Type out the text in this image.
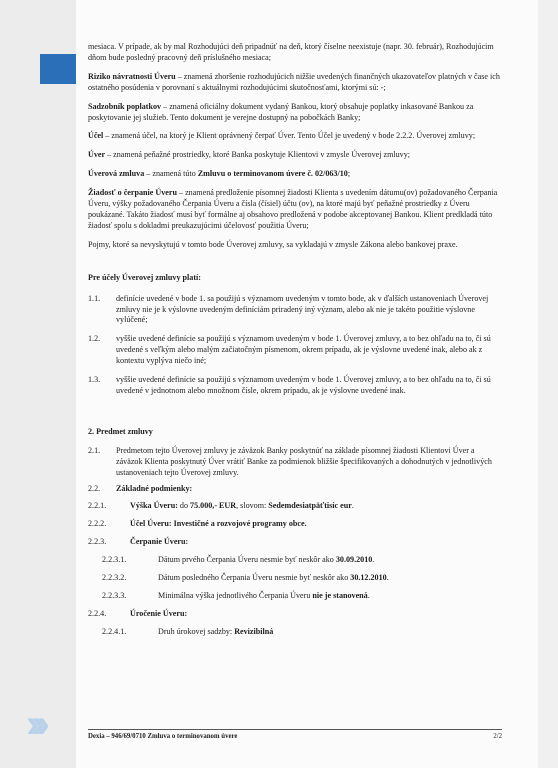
›››

mesiaca. V prípade, ak by mal Rozhodujúci deň pripadnúť na deň, ktorý číselne neexistuje (napr. 30. február), Rozhodujúcim dňom bude posledný pracovný deň príslušného mesiaca;

Riziko návratnosti Úveru – znamená zhoršenie rozhodujúcich nižšie uvedených finančných ukazovateľov platných v čase ich ostatného posúdenia v porovnaní s aktuálnymi rozhodujúcimi skutočnosťami, ktorými sú: -;

Sadzobník poplatkov – znamená oficiálny dokument vydaný Bankou, ktorý obsahuje poplatky inkasované Bankou za poskytovanie jej služieb. Tento dokument je verejne dostupný na pobočkách Banky;

Účel – znamená účel, na ktorý je Klient oprávnený čerpať Úver. Tento Účel je uvedený v bode 2.2.2. Úverovej zmluvy;

Úver – znamená peňažné prostriedky, ktoré Banka poskytuje Klientovi v zmysle Úverovej zmluvy;

Úverová zmluva – znamená túto Zmluvu o terminovanom úvere č. 02/063/10;

Žiadosť o čerpanie Úveru – znamená predloženie písomnej žiadosti Klienta s uvedením dátumu(ov) požadovaného Čerpania Úveru, výšky požadovaného Čerpania Úveru a čísla (čísiel) účtu (ov), na ktoré majú byť peňažné prostriedky z Úveru poukázané. Takáto žiadosť musí byť formálne aj obsahovo predložená v podobe akceptovanej Bankou. Klient predkladá túto žiadosť spolu s dokladmi preukazujúcimi účelovosť použitia Úveru;

Pojmy, ktoré sa nevyskytujú v tomto bode Úverovej zmluvy, sa vykladajú v zmysle Zákona alebo bankovej praxe.

Pre účely Úverovej zmluvy platí:

1.1. definície uvedené v bode 1. sa použijú s významom uvedeným v tomto bode, ak v ďalších ustanoveniach Úverovej zmluvy nie je k výslovne uvedeným definíciám priradený iný význam, alebo ak nie je takéto použitie výslovne vylúčené;
1.2. vyššie uvedené definície sa použijú s významom uvedeným v bode 1. Úverovej zmluvy, a to bez ohľadu na to, či sú uvedené s veľkým alebo malým začiatočným písmenom, okrem prípadu, ak je výslovne uvedené inak, alebo ak z kontextu vyplýva niečo iné;
1.3. vyššie uvedené definície sa použijú s významom uvedeným v bode 1. Úverovej zmluvy, a to bez ohľadu na to, či sú uvedené v jednotnom alebo množnom čísle, okrem prípadu, ak je výslovne uvedené inak.

2. Predmet zmluvy

2.1. Predmetom tejto Úverovej zmluvy je záväzok Banky poskytnúť na základe písomnej žiadosti Klientovi Úver a záväzok Klienta poskytnutý Úver vrátiť Banke za podmienok bližšie špecifikovaných a dohodnutých v jednotlivých ustanoveniach tejto Úverovej zmluvy.
2.2. Základné podmienky:
2.2.1.	Výška Úveru: do 75.000,- EUR, slovom: Sedemdesiatpäťtisíc eur.
2.2.2.	Účel Úveru: Investičné a rozvojové programy obce.
2.2.3.	Čerpanie Úveru:
2.2.3.1.	Dátum prvého Čerpania Úveru nesmie byť neskôr ako 30.09.2010.
2.2.3.2.	Dátum posledného Čerpania Úveru nesmie byť neskôr ako 30.12.2010.
2.2.3.3.	Minimálna výška jednotlivého Čerpania Úveru nie je stanovená.
2.2.4.	Úročenie Úveru:
2.2.4.1.	Druh úrokovej sadzby: Revizibilná
Dexia – 946/69/0710 Zmluva o terminovanom úvere	2/2
